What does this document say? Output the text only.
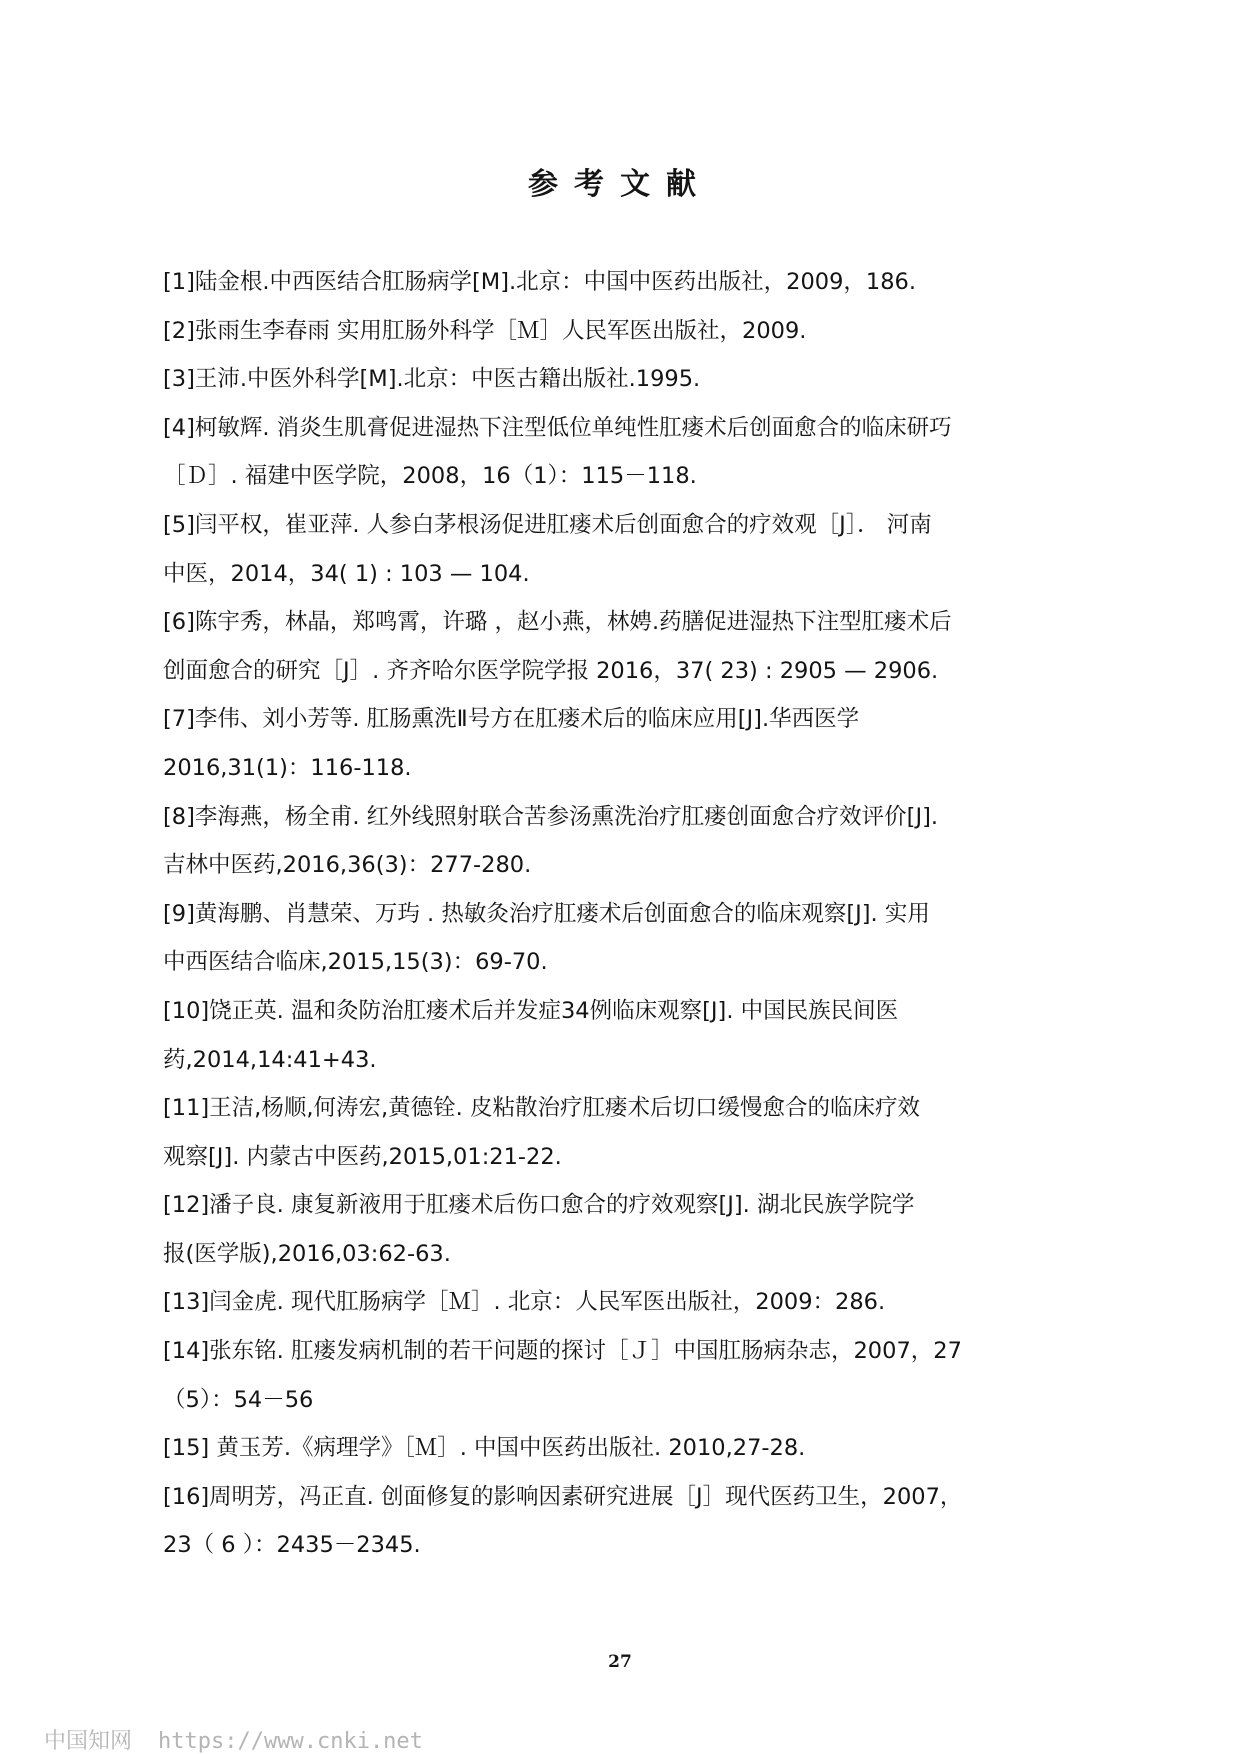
参考文献
[1]陆金根.中西医结合肛肠病学[M].北京：中国中医药出版社，2009，186.
[2]张雨生李春雨 实用肛肠外科学［Ｍ］人民军医出版社，2009.
[3]王沛.中医外科学[M].北京：中医古籍出版社.1995.
[4]柯敏辉. 消炎生肌膏促进湿热下注型低位单纯性肛瘘术后创面愈合的临床研巧
［Ｄ］. 福建中医学院，2008，16（1）：115－118.
[5]闫平权，崔亚萍. 人参白茅根汤促进肛瘘术后创面愈合的疗效观［J］． 河南
中医，2014，34( 1) : 103 — 104.
[6]陈宇秀，林晶，郑鸣霄，许璐 ，赵小燕，林娉.药膳促进湿热下注型肛瘘术后
创面愈合的研究［J］. 齐齐哈尔医学院学报 2016，37( 23) : 2905 — 2906.
[7]李伟、刘小芳等. 肛肠熏洗Ⅱ号方在肛瘘术后的临床应用[J].华西医学
2016,31(1)：116-118.
[8]李海燕，杨全甫. 红外线照射联合苦参汤熏洗治疗肛瘘创面愈合疗效评价[J].
吉林中医药,2016,36(3)：277-280.
[9]黄海鹏、肖慧荣、万玙 . 热敏灸治疗肛瘘术后创面愈合的临床观察[J]. 实用
中西医结合临床,2015,15(3)：69-70.
[10]饶正英. 温和灸防治肛瘘术后并发症34例临床观察[J]. 中国民族民间医
药,2014,14:41+43.
[11]王洁,杨顺,何涛宏,黄德铨. 皮粘散治疗肛瘘术后切口缓慢愈合的临床疗效
观察[J]. 内蒙古中医药,2015,01:21-22.
[12]潘子良. 康复新液用于肛瘘术后伤口愈合的疗效观察[J]. 湖北民族学院学
报(医学版),2016,03:62-63.
[13]闫金虎. 现代肛肠病学［Ｍ］. 北京：人民军医出版社，2009：286.
[14]张东铭. 肛瘘发病机制的若干问题的探讨［Ｊ］中国肛肠病杂志，2007，27
（5）：54－56
[15] 黄玉芳.《病理学》［Ｍ］. 中国中医药出版社. 2010,27-28.
[16]周明芳，冯正直. 创面修复的影响因素研究进展［J］现代医药卫生，2007，
23（ 6 ）：2435－2345.
27
中国知网 https://www.cnki.net
